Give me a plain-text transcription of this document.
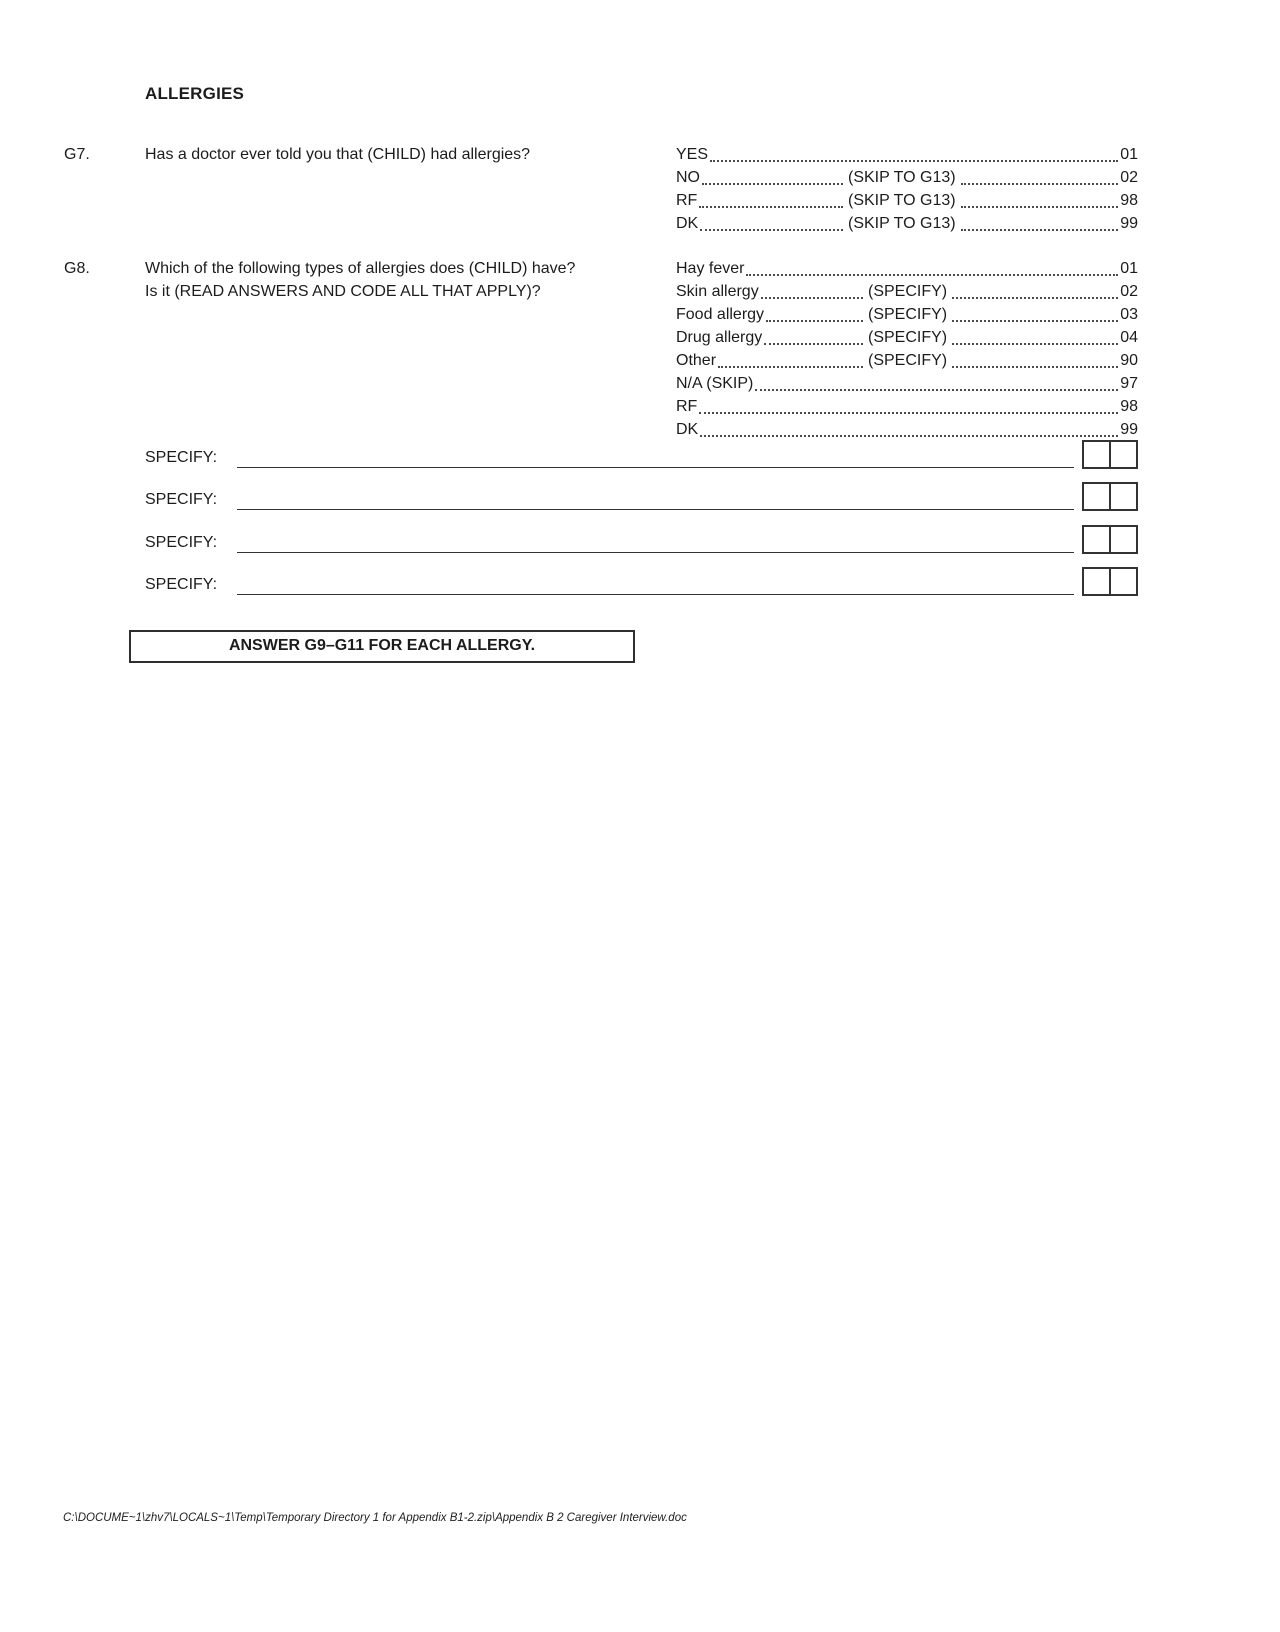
ALLERGIES
G7.	Has a doctor ever told you that (CHILD) had allergies?	YES	01
NO	(SKIP TO G13)	02
RF	(SKIP TO G13)	98
DK	(SKIP TO G13)	99
G8.	Which of the following types of allergies does (CHILD) have? Is it (READ ANSWERS AND CODE ALL THAT APPLY)?
Hay fever	01
Skin allergy	(SPECIFY)	02
Food allergy	(SPECIFY)	03
Drug allergy	(SPECIFY)	04
Other	(SPECIFY)	90
N/A (SKIP)	97
RF	98
DK	99
SPECIFY:
SPECIFY:
SPECIFY:
SPECIFY:
ANSWER G9–G11 FOR EACH ALLERGY.
C:\DOCUME~1\zhv7\LOCALS~1\Temp\Temporary Directory 1 for Appendix B1-2.zip\Appendix B 2 Caregiver Interview.doc
